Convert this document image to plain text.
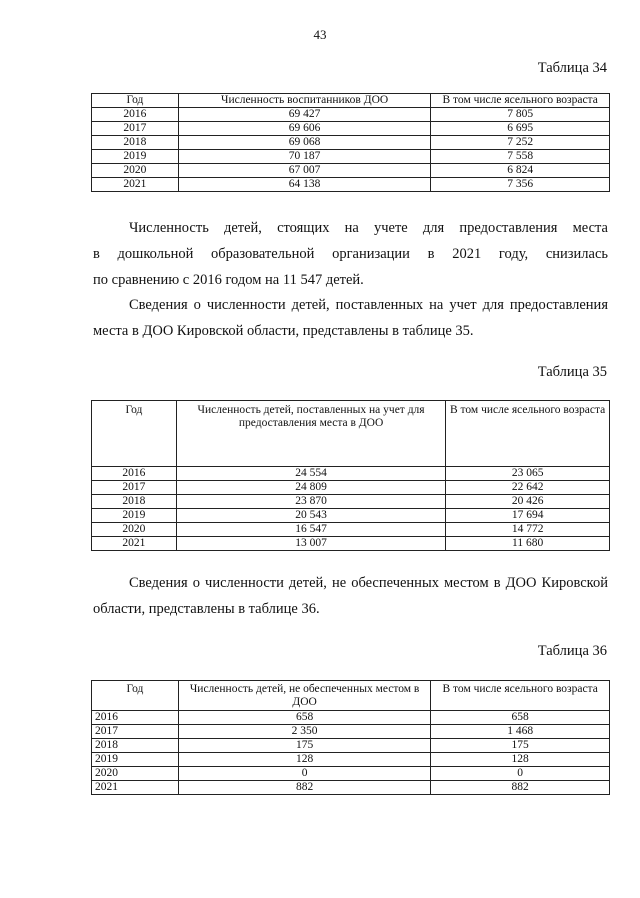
43
Таблица 34
Год	Численность воспитанников ДОО	В том числе ясельного возраста
2016	69 427	7 805
2017	69 606	6 695
2018	69 068	7 252
2019	70 187	7 558
2020	67 007	6 824
2021	64 138	7 356
Численность детей, стоящих на учете для предоставления места
в дошкольной образовательной организации в 2021 году, снизилась
по сравнению с 2016 годом на 11 547 детей.
Сведения о численности детей, поставленных на учет для предоставления
места в ДОО Кировской области, представлены в таблице 35.
Таблица 35
Год	Численность детей, поставленных на учет для предоставления места в ДОО	В том числе ясельного возраста
2016	24 554	23 065
2017	24 809	22 642
2018	23 870	20 426
2019	20 543	17 694
2020	16 547	14 772
2021	13 007	11 680
Сведения о численности детей, не обеспеченных местом в ДОО Кировской
области, представлены в таблице 36.
Таблица 36
Год	Численность детей, не обеспеченных местом в ДОО	В том числе ясельного возраста
2016	658	658
2017	2 350	1 468
2018	175	175
2019	128	128
2020	0	0
2021	882	882
